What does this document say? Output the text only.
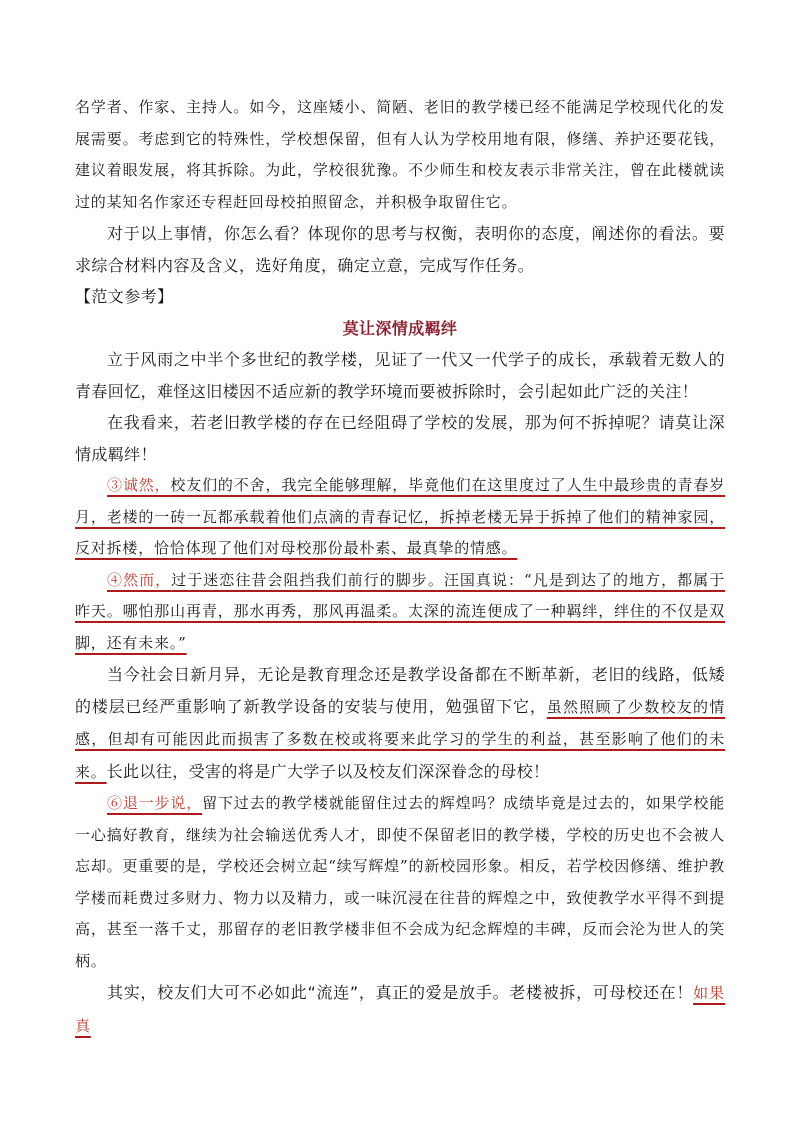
名学者、作家、主持人。如今，这座矮小、简陋、老旧的教学楼已经不能满足学校现代化的发展需要。考虑到它的特殊性，学校想保留，但有人认为学校用地有限，修缮、养护还要花钱，建议着眼发展，将其拆除。为此，学校很犹豫。不少师生和校友表示非常关注，曾在此楼就读过的某知名作家还专程赶回母校拍照留念，并积极争取留住它。

对于以上事情，你怎么看？体现你的思考与权衡，表明你的态度，阐述你的看法。要求综合材料内容及含义，选好角度，确定立意，完成写作任务。

【范文参考】

莫让深情成羁绊

立于风雨之中半个多世纪的教学楼，见证了一代又一代学子的成长，承载着无数人的青春回忆，难怪这旧楼因不适应新的教学环境而要被拆除时，会引起如此广泛的关注！

在我看来，若老旧教学楼的存在已经阻碍了学校的发展，那为何不拆掉呢？请莫让深情成羁绊！

③诚然，校友们的不舍，我完全能够理解，毕竟他们在这里度过了人生中最珍贵的青春岁月，老楼的一砖一瓦都承载着他们点滴的青春记忆，拆掉老楼无异于拆掉了他们的精神家园，反对拆楼，恰恰体现了他们对母校那份最朴素、最真挚的情感。

④然而，过于迷恋往昔会阻挡我们前行的脚步。汪国真说：“凡是到达了的地方，都属于昨天。哪怕那山再青，那水再秀，那风再温柔。太深的流连便成了一种羁绊，绊住的不仅是双脚，还有未来。”

当今社会日新月异，无论是教育理念还是教学设备都在不断革新，老旧的线路，低矮的楼层已经严重影响了新教学设备的安装与使用，勉强留下它，虽然照顾了少数校友的情感，但却有可能因此而损害了多数在校或将要来此学习的学生的利益，甚至影响了他们的未来。长此以往，受害的将是广大学子以及校友们深深眷念的母校！

⑥退一步说，留下过去的教学楼就能留住过去的辉煌吗？成绩毕竟是过去的，如果学校能一心搞好教育，继续为社会输送优秀人才，即使不保留老旧的教学楼，学校的历史也不会被人忘却。更重要的是，学校还会树立起“续写辉煌”的新校园形象。相反，若学校因修缮、维护教学楼而耗费过多财力、物力以及精力，或一味沉浸在往昔的辉煌之中，致使教学水平得不到提高，甚至一落千丈，那留存的老旧教学楼非但不会成为纪念辉煌的丰碑，反而会沦为世人的笑柄。

其实，校友们大可不必如此“流连”，真正的爱是放手。老楼被拆，可母校还在！如果真
